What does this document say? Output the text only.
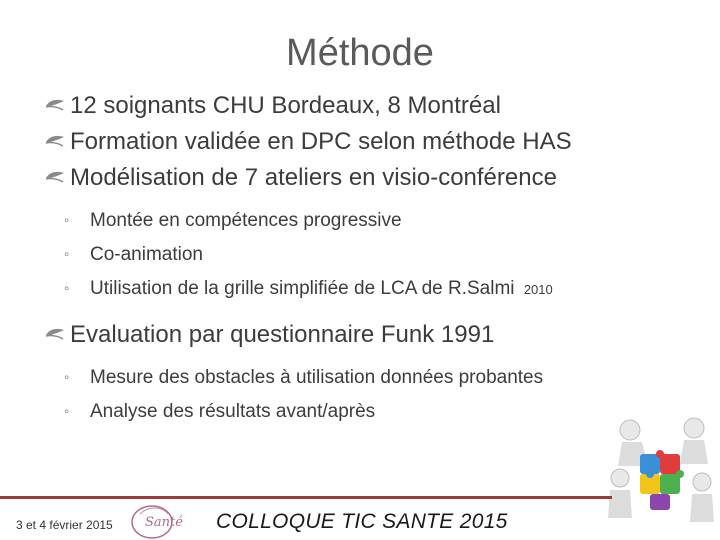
Méthode
12 soignants CHU Bordeaux, 8 Montréal
Formation validée en DPC selon méthode HAS
Modélisation de 7 ateliers en visio-conférence
◦ Montée en compétences progressive
◦ Co-animation
◦ Utilisation de la grille simplifiée de LCA de R.Salmi 2010
Evaluation par questionnaire Funk 1991
◦ Mesure des obstacles à utilisation données probantes
◦ Analyse des résultats avant/après
3 et 4 février 2015 Santé COLLOQUE TIC SANTE 2015
